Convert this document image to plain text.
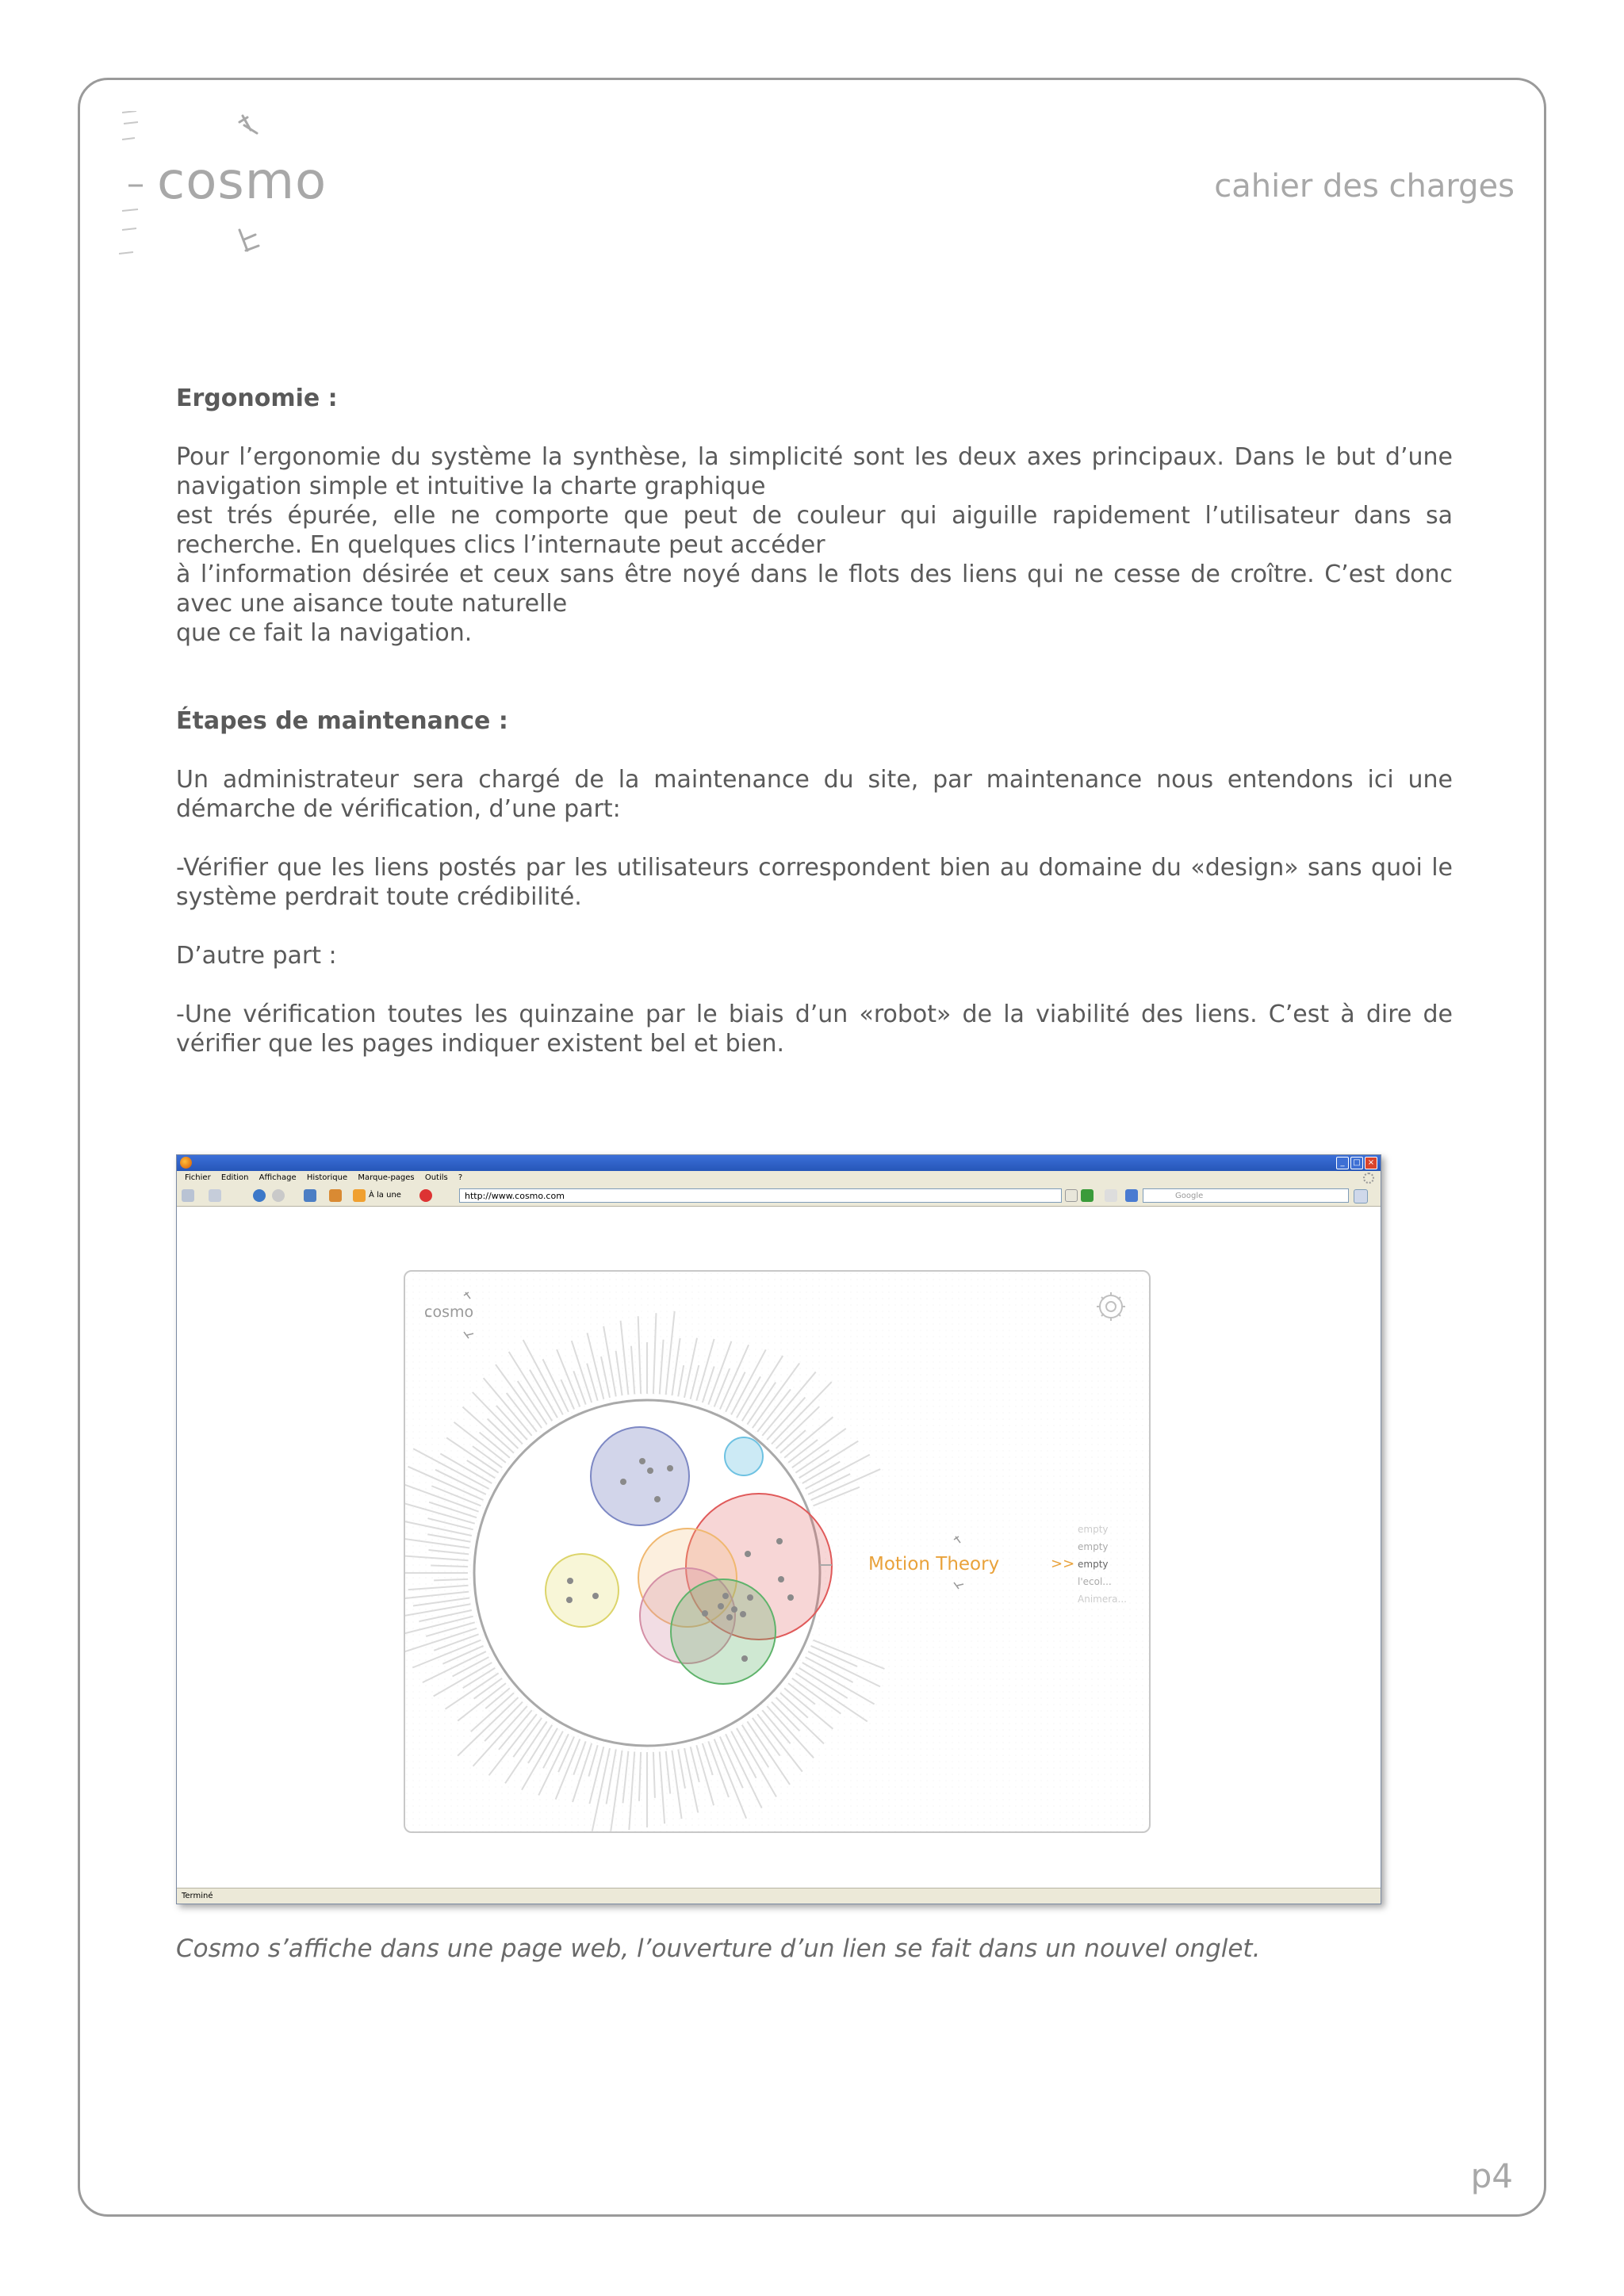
cosmo	cahier des charges

Ergonomie :

Pour l’ergonomie du système la synthèse, la simplicité sont les deux axes principaux. Dans le but d’une navigation simple et intuitive la charte graphique

est trés épurée, elle ne comporte que peut de couleur qui aiguille rapidement l’utilisateur dans sa recherche. En quelques clics l’internaute peut accéder

à l’information désirée et ceux sans être noyé dans le flots des liens qui ne cesse de croître. C’est donc avec une aisance toute naturelle

que ce fait la navigation.

Étapes de maintenance :

Un administrateur sera chargé de la maintenance du site, par maintenance nous entendons ici une démarche de vérification, d’une part:

-Vérifier que les liens postés par les utilisateurs correspondent bien au domaine du «design» sans quoi le système perdrait toute crédibilité.

D’autre part :

-Une vérification toutes les quinzaine par le biais d’un «robot» de la viabilité des liens. C’est à dire de vérifier que les pages indiquer existent bel et bien.

_	□ ×
Fichier Edition Affichage Historique Marque-pages Outils ?
À la une	http://www.cosmo.com	Google
cosmo
Motion Theory	>>
empty
empty
empty
l'ecol...
Animera...
Terminé
Cosmo s’affiche dans une page web, l’ouverture d’un lien se fait dans un nouvel onglet.
p4
